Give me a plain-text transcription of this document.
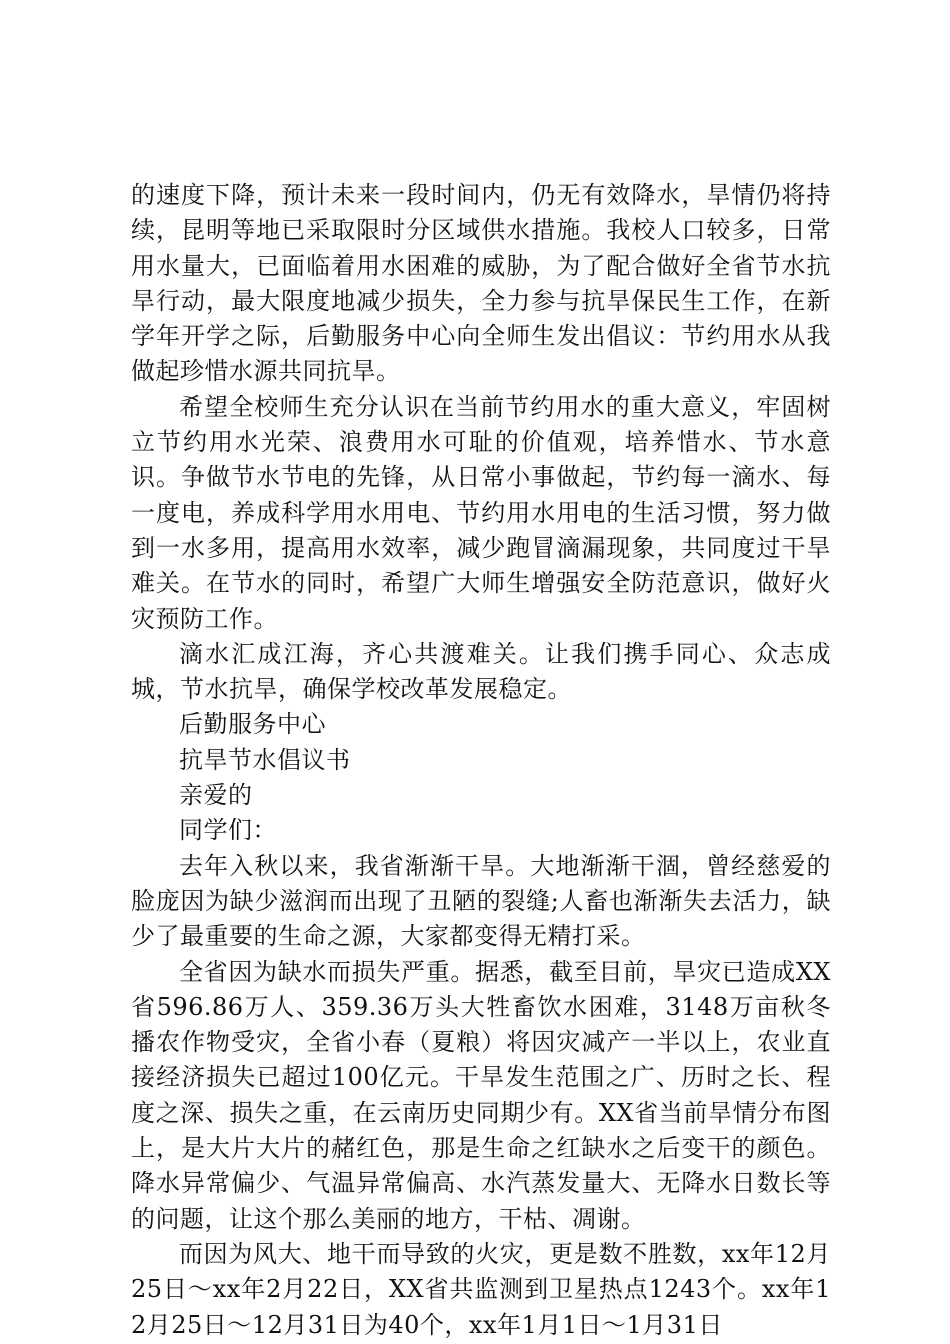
的速度下降，预计未来一段时间内，仍无有效降水，旱情仍将持续，昆明等地已采取限时分区域供水措施。我校人口较多，日常用水量大，已面临着用水困难的威胁，为了配合做好全省节水抗旱行动，最大限度地减少损失，全力参与抗旱保民生工作，在新学年开学之际，后勤服务中心向全师生发出倡议：节约用水从我做起珍惜水源共同抗旱。

希望全校师生充分认识在当前节约用水的重大意义，牢固树立节约用水光荣、浪费用水可耻的价值观，培养惜水、节水意识。争做节水节电的先锋，从日常小事做起，节约每一滴水、每一度电，养成科学用水用电、节约用水用电的生活习惯，努力做到一水多用，提高用水效率，减少跑冒滴漏现象，共同度过干旱难关。在节水的同时，希望广大师生增强安全防范意识，做好火灾预防工作。

滴水汇成江海，齐心共渡难关。让我们携手同心、众志成城，节水抗旱，确保学校改革发展稳定。

后勤服务中心

抗旱节水倡议书

亲爱的

同学们：

去年入秋以来，我省渐渐干旱。大地渐渐干涸，曾经慈爱的脸庞因为缺少滋润而出现了丑陋的裂缝;人畜也渐渐失去活力，缺少了最重要的生命之源，大家都变得无精打采。

全省因为缺水而损失严重。据悉，截至目前，旱灾已造成XX省596.86万人、359.36万头大牲畜饮水困难，3148万亩秋冬播农作物受灾，全省小春（夏粮）将因灾减产一半以上，农业直接经济损失已超过100亿元。干旱发生范围之广、历时之长、程度之深、损失之重，在云南历史同期少有。XX省当前旱情分布图上，是大片大片的赭红色，那是生命之红缺水之后变干的颜色。降水异常偏少、气温异常偏高、水汽蒸发量大、无降水日数长等的问题，让这个那么美丽的地方，干枯、凋谢。

而因为风大、地干而导致的火灾，更是数不胜数，xx年12月25日～xx年2月22日，XX省共监测到卫星热点1243个。xx年12月25日～12月31日为40个，xx年1月1日～1月31日
